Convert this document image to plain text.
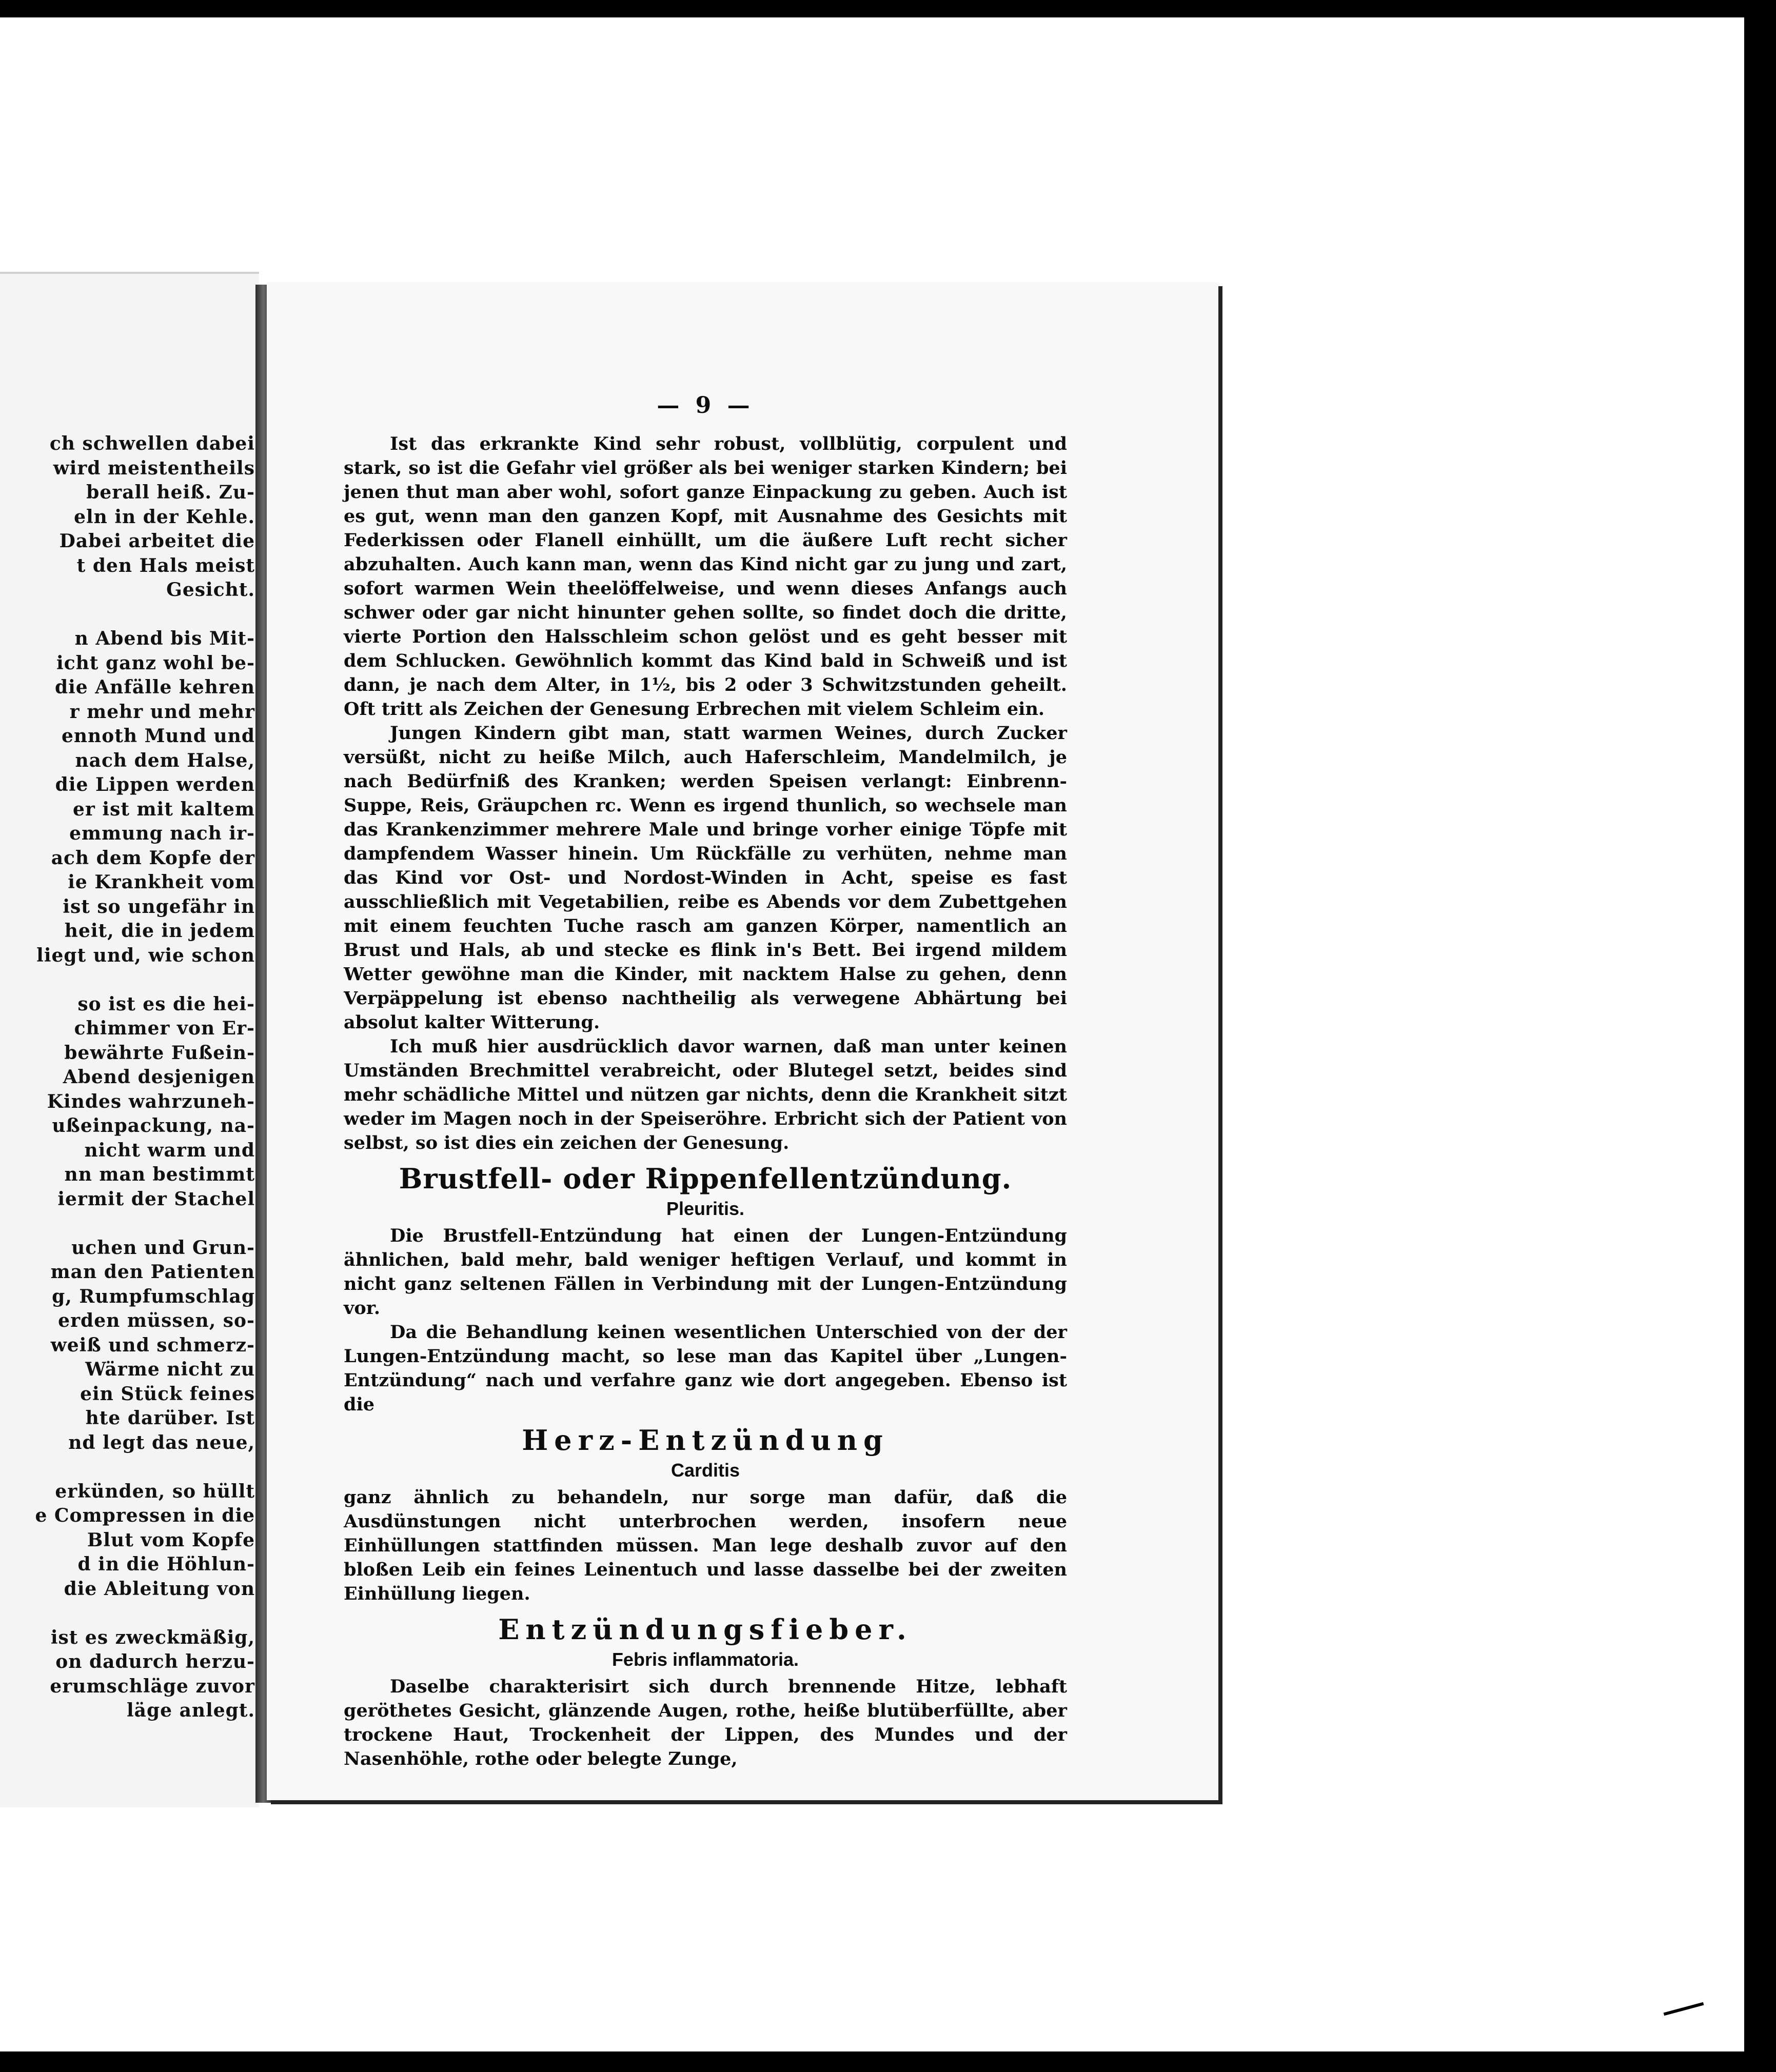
ch schwellen dabei
wird meistentheils
berall heiß. Zu-
eln in der Kehle.
Dabei arbeitet die
t den Hals meist
Gesicht.
n Abend bis Mit-
icht ganz wohl be-
die Anfälle kehren
r mehr und mehr
ennoth Mund und
nach dem Halse,
die Lippen werden
er ist mit kaltem
emmung nach ir-
ach dem Kopfe der
ie Krankheit vom
ist so ungefähr in
heit, die in jedem
liegt und, wie schon
so ist es die hei-
chimmer von Er-
bewährte Fußein-
Abend desjenigen
Kindes wahrzuneh-
ußeinpackung, na-
nicht warm und
nn man bestimmt
iermit der Stachel
uchen und Grun-
man den Patienten
g, Rumpfumschlag
erden müssen, so-
weiß und schmerz-
Wärme nicht zu
ein Stück feines
hte darüber. Ist
nd legt das neue,
erkünden, so hüllt
e Compressen in die
Blut vom Kopfe
d in die Höhlun-
die Ableitung von
ist es zweckmäßig,
on dadurch herzu-
erumschläge zuvor
läge anlegt.
— 9 —

Ist das erkrankte Kind sehr robust, vollblütig, corpulent und stark, so ist die Gefahr viel größer als bei weniger starken Kindern; bei jenen thut man aber wohl, sofort ganze Einpackung zu geben. Auch ist es gut, wenn man den ganzen Kopf, mit Ausnahme des Gesichts mit Federkissen oder Flanell einhüllt, um die äußere Luft recht sicher abzuhalten. Auch kann man, wenn das Kind nicht gar zu jung und zart, sofort warmen Wein theelöffelweise, und wenn dieses Anfangs auch schwer oder gar nicht hinunter gehen sollte, so findet doch die dritte, vierte Portion den Halsschleim schon gelöst und es geht besser mit dem Schlucken. Gewöhnlich kommt das Kind bald in Schweiß und ist dann, je nach dem Alter, in 1½, bis 2 oder 3 Schwitzstunden geheilt. Oft tritt als Zeichen der Genesung Erbrechen mit vielem Schleim ein.

Jungen Kindern gibt man, statt warmen Weines, durch Zucker versüßt, nicht zu heiße Milch, auch Haferschleim, Mandelmilch, je nach Bedürfniß des Kranken; werden Speisen verlangt: Einbrenn-Suppe, Reis, Gräupchen rc. Wenn es irgend thunlich, so wechsele man das Krankenzimmer mehrere Male und bringe vorher einige Töpfe mit dampfendem Wasser hinein. Um Rückfälle zu verhüten, nehme man das Kind vor Ost- und Nordost-Winden in Acht, speise es fast ausschließlich mit Vegetabilien, reibe es Abends vor dem Zubettgehen mit einem feuchten Tuche rasch am ganzen Körper, namentlich an Brust und Hals, ab und stecke es flink in's Bett. Bei irgend mildem Wetter gewöhne man die Kinder, mit nacktem Halse zu gehen, denn Verpäppelung ist ebenso nachtheilig als verwegene Abhärtung bei absolut kalter Witterung.

Ich muß hier ausdrücklich davor warnen, daß man unter keinen Umständen Brechmittel verabreicht, oder Blutegel setzt, beides sind mehr schädliche Mittel und nützen gar nichts, denn die Krankheit sitzt weder im Magen noch in der Speiseröhre. Erbricht sich der Patient von selbst, so ist dies ein zeichen der Genesung.

Brustfell- oder Rippenfellentzündung.
Pleuritis.

Die Brustfell-Entzündung hat einen der Lungen-Entzündung ähnlichen, bald mehr, bald weniger heftigen Verlauf, und kommt in nicht ganz seltenen Fällen in Verbindung mit der Lungen-Entzündung vor.

Da die Behandlung keinen wesentlichen Unterschied von der der Lungen-Entzündung macht, so lese man das Kapitel über „Lungen-Entzündung“ nach und verfahre ganz wie dort angegeben. Ebenso ist die

Herz-Entzündung
Carditis

ganz ähnlich zu behandeln, nur sorge man dafür, daß die Ausdünstungen nicht unterbrochen werden, insofern neue Einhüllungen stattfinden müssen. Man lege deshalb zuvor auf den bloßen Leib ein feines Leinentuch und lasse dasselbe bei der zweiten Einhüllung liegen.

Entzündungsfieber.
Febris inflammatoria.

Daselbe charakterisirt sich durch brennende Hitze, lebhaft geröthetes Gesicht, glänzende Augen, rothe, heiße blutüberfüllte, aber trockene Haut, Trockenheit der Lippen, des Mundes und der Nasenhöhle, rothe oder belegte Zunge,
